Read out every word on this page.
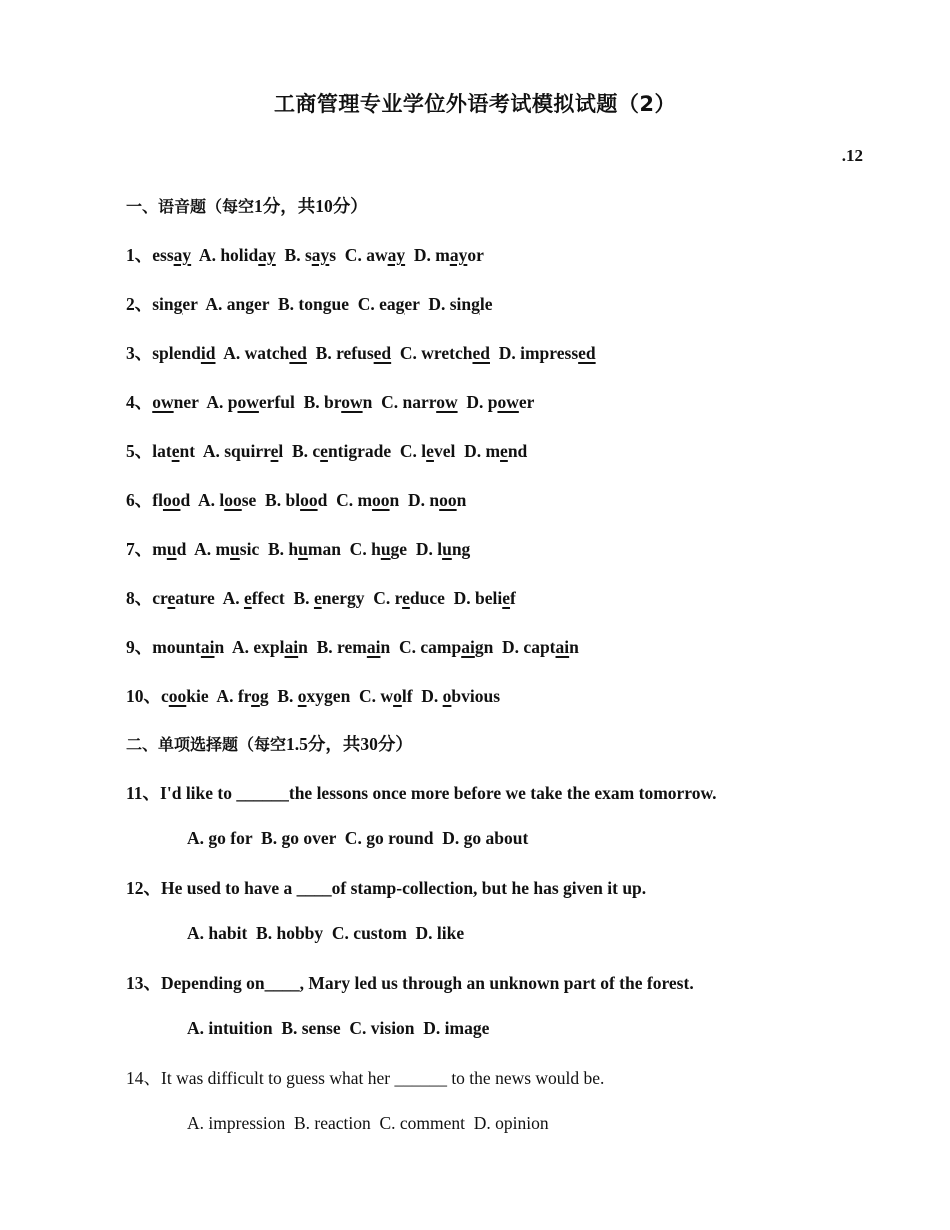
工商管理专业学位外语考试模拟试题（2）
.12
一、语音题（每空1分，共10分）
1、essay  A. holiday  B. says  C. away  D. mayor
2、singer  A. anger  B. tongue  C. eager  D. single
3、splendid  A. watched  B. refused  C. wretched  D. impressed
4、owner  A. powerful  B. brown  C. narrow  D. power
5、latent  A. squirrel  B. centigrade  C. level  D. mend
6、flood  A. loose  B. blood  C. moon  D. noon
7、mud  A. music  B. human  C. huge  D. lung
8、creature  A. effect  B. energy  C. reduce  D. belief
9、mountain  A. explain  B. remain  C. campaign  D. captain
10、cookie  A. frog  B. oxygen  C. wolf  D. obvious
二、单项选择题（每空1.5分，共30分）
11、I'd like to ______the lessons once more before we take the exam tomorrow.
A. go for  B. go over  C. go round  D. go about
12、He used to have a ____of stamp-collection, but he has given it up.
A. habit  B. hobby  C. custom  D. like
13、Depending on____, Mary led us through an unknown part of the forest.
A. intuition  B. sense  C. vision  D. image
14、It was difficult to guess what her ______ to the news would be.
A. impression  B. reaction  C. comment  D. opinion
